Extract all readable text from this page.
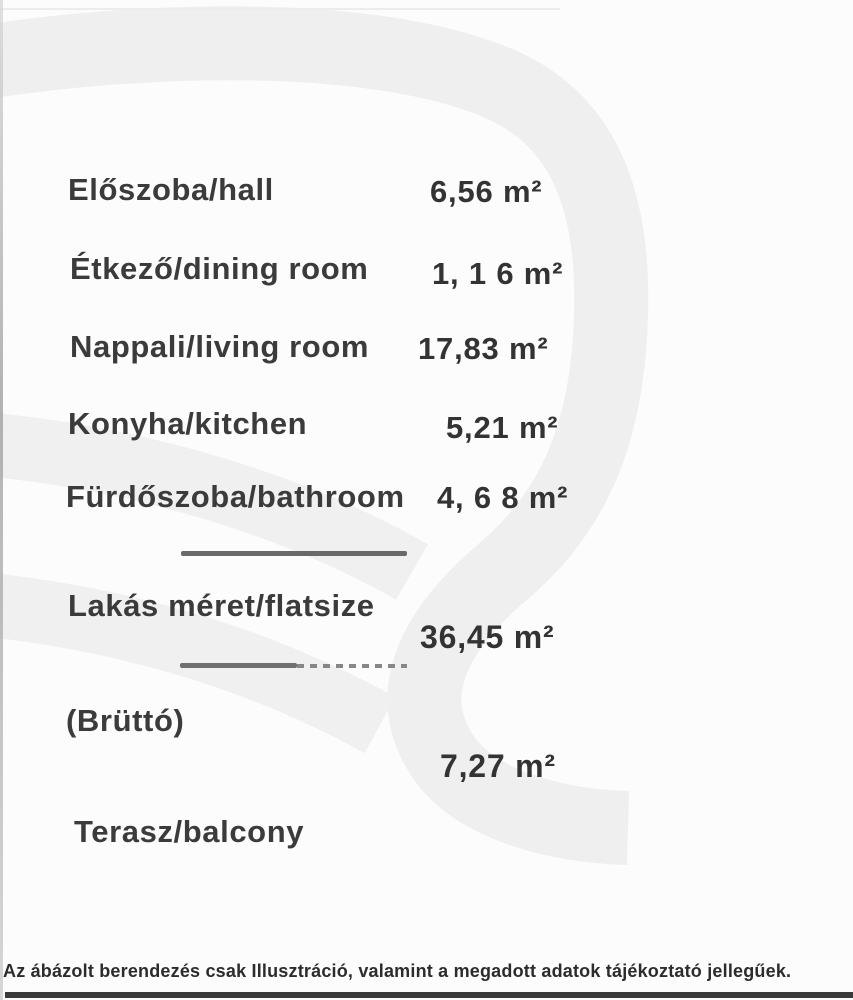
Előszoba/hall	6,56 m²
Étkező/dining room 1, 1 6 m²
Nappali/living room 17,83 m²
Konyha/kitchen	5,21 m²
Fürdőszoba/bathroom 4, 6 8 m²
Lakás méret/flatsize
36,45 m²
(Brüttó)
7,27 m²
Terasz/balcony
Az ábázolt berendezés csak Illusztráció, valamint a megadott adatok tájékoztató jellegűek.
